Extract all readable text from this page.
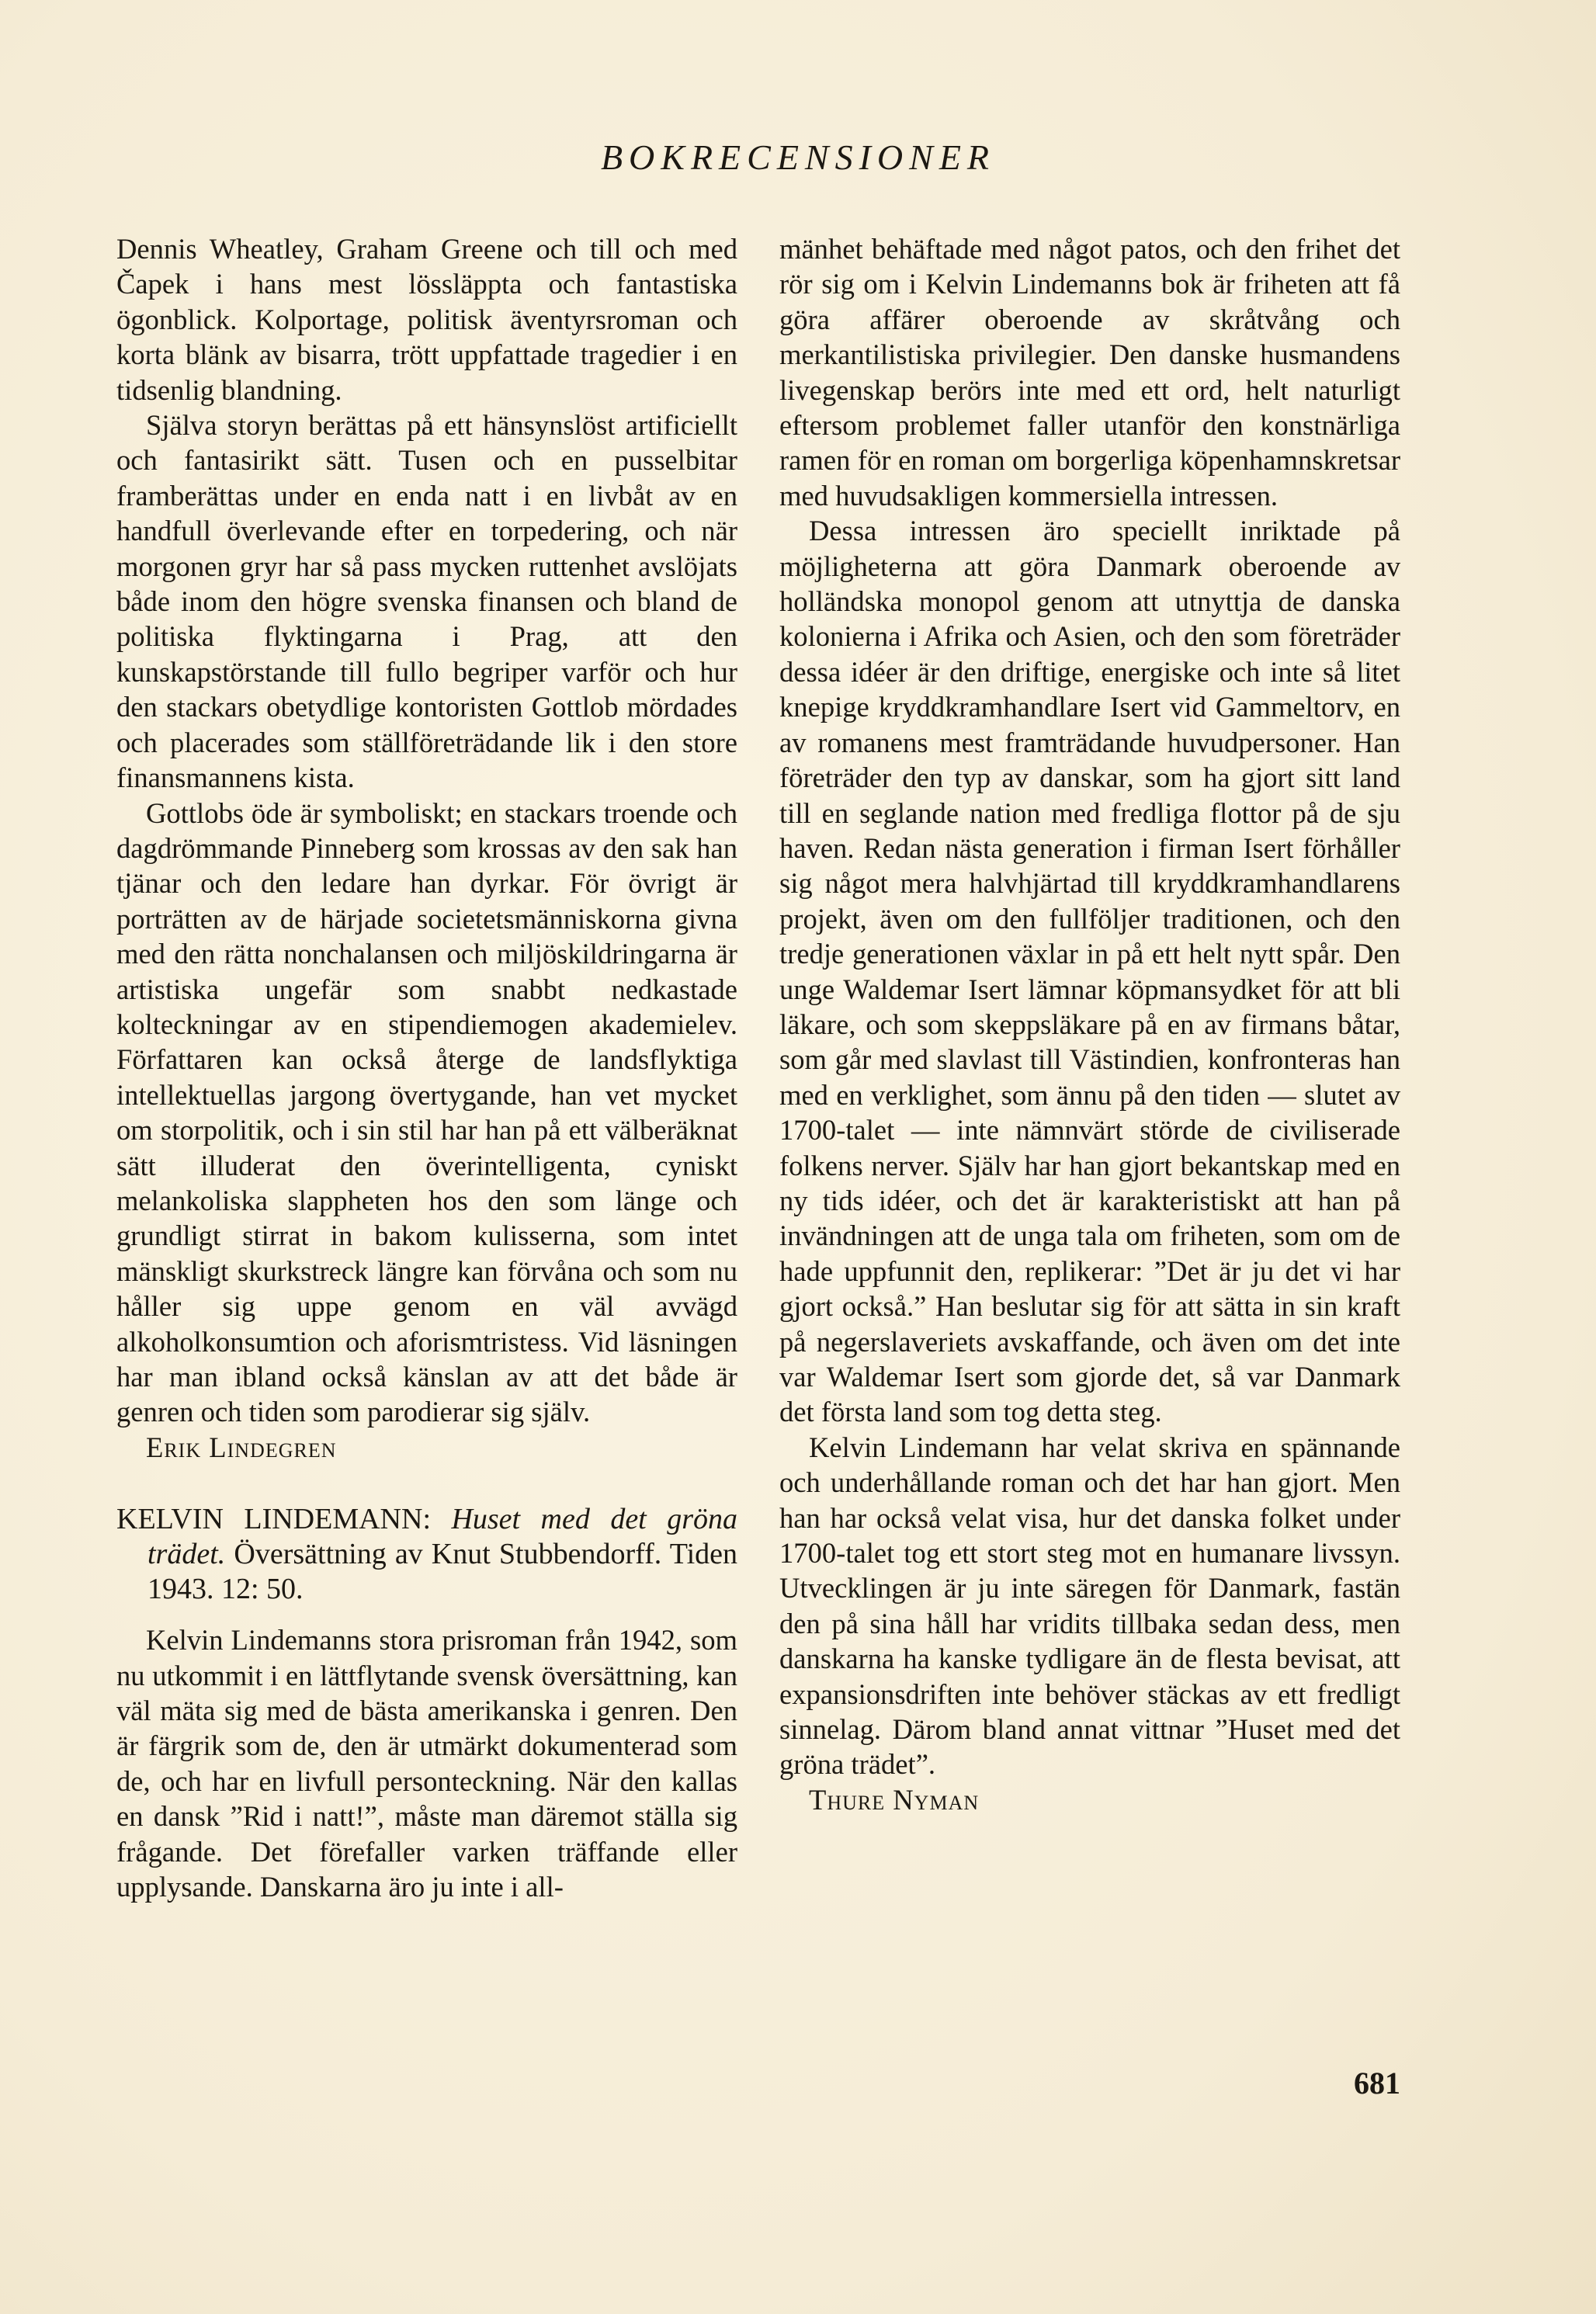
BOKRECENSIONER

Dennis Wheatley, Graham Greene och till och med Čapek i hans mest lössläppta och fantastiska ögonblick. Kolportage, politisk äventyrsroman och korta blänk av bisarra, trött uppfattade tragedier i en tidsenlig blandning.

Själva storyn berättas på ett hänsynslöst artificiellt och fantasirikt sätt. Tusen och en pusselbitar framberättas under en enda natt i en livbåt av en handfull överlevande efter en torpedering, och när morgonen gryr har så pass mycken ruttenhet avslöjats både inom den högre svenska finansen och bland de politiska flyktingarna i Prag, att den kunskapstörstande till fullo begriper varför och hur den stackars obetydlige kontoristen Gottlob mördades och placerades som ställföreträdande lik i den store finansmannens kista.

Gottlobs öde är symboliskt; en stackars troende och dagdrömmande Pinneberg som krossas av den sak han tjänar och den ledare han dyrkar. För övrigt är porträtten av de härjade societetsmänniskorna givna med den rätta nonchalansen och miljöskildringarna är artistiska ungefär som snabbt nedkastade kolteckningar av en stipendiemogen akademielev. Författaren kan också återge de landsflyktiga intellektuellas jargong övertygande, han vet mycket om storpolitik, och i sin stil har han på ett välberäknat sätt illuderat den överintelligenta, cyniskt melankoliska slappheten hos den som länge och grundligt stirrat in bakom kulisserna, som intet mänskligt skurkstreck längre kan förvåna och som nu håller sig uppe genom en väl avvägd alkoholkonsumtion och aforismtristess. Vid läsningen har man ibland också känslan av att det både är genren och tiden som parodierar sig själv.

Erik Lindegren

KELVIN LINDEMANN: Huset med det gröna trädet. Översättning av Knut Stubbendorff. Tiden 1943. 12: 50.

Kelvin Lindemanns stora prisroman från 1942, som nu utkommit i en lättflytande svensk översättning, kan väl mäta sig med de bästa amerikanska i genren. Den är färgrik som de, den är utmärkt dokumenterad som de, och har en livfull personteckning. När den kallas en dansk ”Rid i natt!”, måste man däremot ställa sig frågande. Det förefaller varken träffande eller upplysande. Danskarna äro ju inte i all-

mänhet behäftade med något patos, och den frihet det rör sig om i Kelvin Lindemanns bok är friheten att få göra affärer oberoende av skråtvång och merkantilistiska privilegier. Den danske husmandens livegenskap berörs inte med ett ord, helt naturligt eftersom problemet faller utanför den konstnärliga ramen för en roman om borgerliga köpenhamnskretsar med huvudsakligen kommersiella intressen.

Dessa intressen äro speciellt inriktade på möjligheterna att göra Danmark oberoende av holländska monopol genom att utnyttja de danska kolonierna i Afrika och Asien, och den som företräder dessa idéer är den driftige, energiske och inte så litet knepige kryddkramhandlare Isert vid Gammeltorv, en av romanens mest framträdande huvudpersoner. Han företräder den typ av danskar, som ha gjort sitt land till en seglande nation med fredliga flottor på de sju haven. Redan nästa generation i firman Isert förhåller sig något mera halvhjärtad till kryddkramhandlarens projekt, även om den fullföljer traditionen, och den tredje generationen växlar in på ett helt nytt spår. Den unge Waldemar Isert lämnar köpmansydket för att bli läkare, och som skeppsläkare på en av firmans båtar, som går med slavlast till Västindien, konfronteras han med en verklighet, som ännu på den tiden — slutet av 1700-talet — inte nämnvärt störde de civiliserade folkens nerver. Själv har han gjort bekantskap med en ny tids idéer, och det är karakteristiskt att han på invändningen att de unga tala om friheten, som om de hade uppfunnit den, replikerar: ”Det är ju det vi har gjort också.” Han beslutar sig för att sätta in sin kraft på negerslaveriets avskaffande, och även om det inte var Waldemar Isert som gjorde det, så var Danmark det första land som tog detta steg.

Kelvin Lindemann har velat skriva en spännande och underhållande roman och det har han gjort. Men han har också velat visa, hur det danska folket under 1700-talet tog ett stort steg mot en humanare livssyn. Utvecklingen är ju inte säregen för Danmark, fastän den på sina håll har vridits tillbaka sedan dess, men danskarna ha kanske tydligare än de flesta bevisat, att expansionsdriften inte behöver stäckas av ett fredligt sinnelag. Därom bland annat vittnar ”Huset med det gröna trädet”.

Thure Nyman

681
